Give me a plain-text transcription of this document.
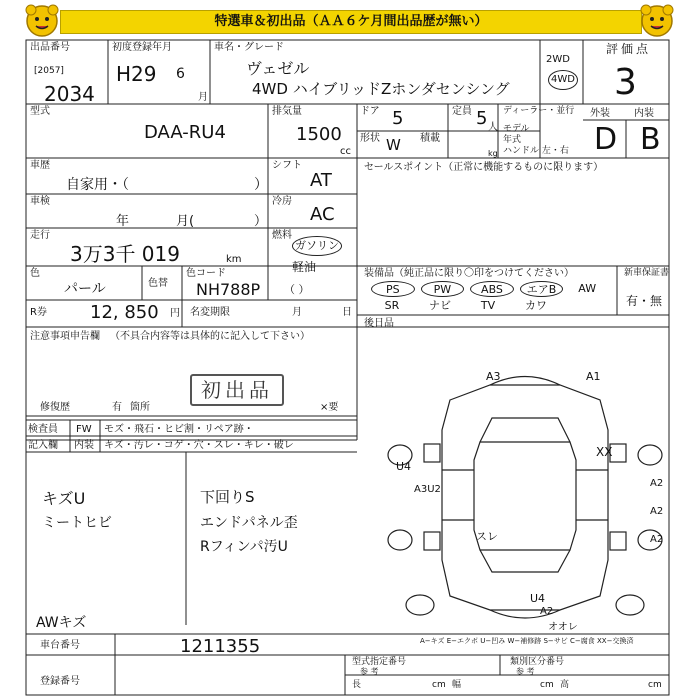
特選車＆初出品（ＡＡ６ケ月間出品歴が無い）
出品番号
[2057]
2034
初度登録年月
H29 6
月
車名・グレード
ヴェゼル
4WD ハイブリッドZホンダセンシング
2WD
4WD
評価点
3
型式
DAA-RU4
排気量
1500
cc
ドア 5	定員 5 人
形状 W 積載
kg
ディーラー・並行
モデル 年式
ハンドル 左・右
外装 内装
D B
車歴
自家用・（	）
シフト
AT
車検
年	月(	）
冷房
AC
走行
3万3千 019	km
燃料
ガソリン
軽油
（ ）
色
パール	色替
色コード
NH788P
R券 12, 850 円 名変期限	月	日
セールスポイント（正常に機能するものに限ります）
装備品（純正品に限り〇印をつけてください）	新車保証書
有・無
PS	PW	ABS	エアB	AW
SR	ナビ	TV	カワ
後日品
注意事項申告欄 （不具合内容等は具体的に記入して下さい）
初出品
修復歴	有 箇所	×要
検査員
記入欄
FW モズ・飛石・ヒビ割・リペア跡・
内装 キズ・汚レ・コゲ・穴・スレ・キレ・破レ
キズU
ミートヒビ
下回りS
エンドパネル歪
Rフィンパ汚U
AWキズ
A3	A1
U4
A3U2
スレ
XX
A2
A2
A2
U4
A2
オオレ
A−キズ E−エクボ U−凹み W−補修跡 S−サビ C−腐食 XX−交換済
車台番号	1211355
登録番号
型式指定番号
参 考
類別区分番号
参 考
長	cm 幅	cm 高	cm
